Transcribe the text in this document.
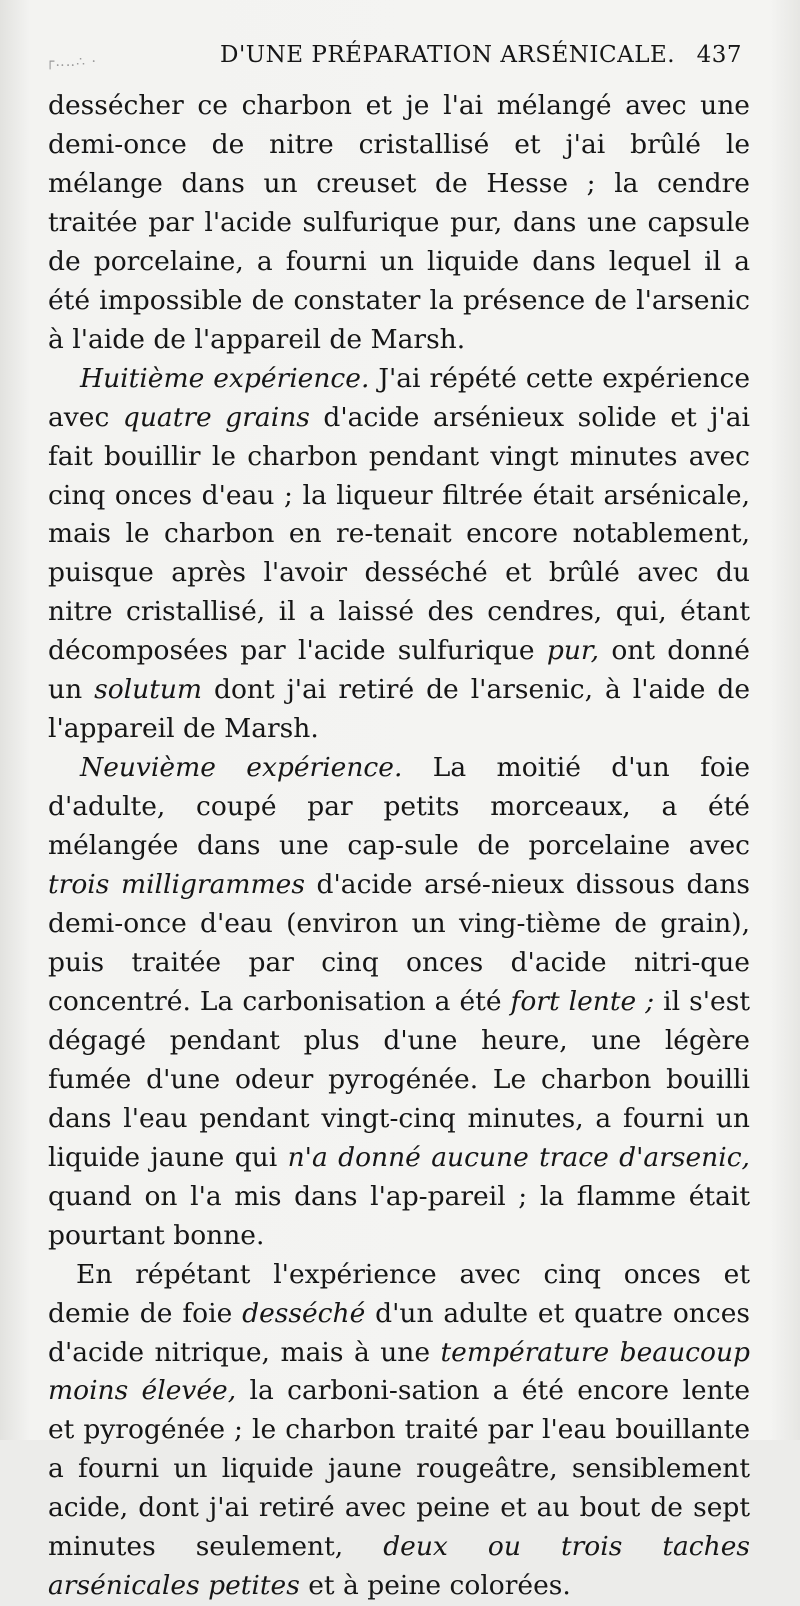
┌‥‥∴ ·	D'UNE PRÉPARATION ARSÉNICALE. 437

dessécher ce charbon et je l'ai mélangé avec une demi-once de nitre cristallisé et j'ai brûlé le mélange dans un creuset de Hesse ; la cendre traitée par l'acide sulfurique pur, dans une capsule de porcelaine, a fourni un liquide dans lequel il a été impossible de constater la présence de l'arsenic à l'aide de l'appareil de Marsh.

Huitième expérience. J'ai répété cette expérience avec quatre grains d'acide arsénieux solide et j'ai fait bouillir le charbon pendant vingt minutes avec cinq onces d'eau ; la liqueur filtrée était arsénicale, mais le charbon en re-tenait encore notablement, puisque après l'avoir desséché et brûlé avec du nitre cristallisé, il a laissé des cendres, qui, étant décomposées par l'acide sulfurique pur, ont donné un solutum dont j'ai retiré de l'arsenic, à l'aide de l'appareil de Marsh.

Neuvième expérience. La moitié d'un foie d'adulte, coupé par petits morceaux, a été mélangée dans une cap-sule de porcelaine avec trois milligrammes d'acide arsé-nieux dissous dans demi-once d'eau (environ un ving-tième de grain), puis traitée par cinq onces d'acide nitri-que concentré. La carbonisation a été fort lente ; il s'est dégagé pendant plus d'une heure, une légère fumée d'une odeur pyrogénée. Le charbon bouilli dans l'eau pendant vingt-cinq minutes, a fourni un liquide jaune qui n'a donné aucune trace d'arsenic, quand on l'a mis dans l'ap-pareil ; la flamme était pourtant bonne.

En répétant l'expérience avec cinq onces et demie de foie desséché d'un adulte et quatre onces d'acide nitrique, mais à une température beaucoup moins élevée, la carboni-sation a été encore lente et pyrogénée ; le charbon traité par l'eau bouillante a fourni un liquide jaune rougeâtre, sensiblement acide, dont j'ai retiré avec peine et au bout de sept minutes seulement, deux ou trois taches arsénicales petites et à peine colorées.
